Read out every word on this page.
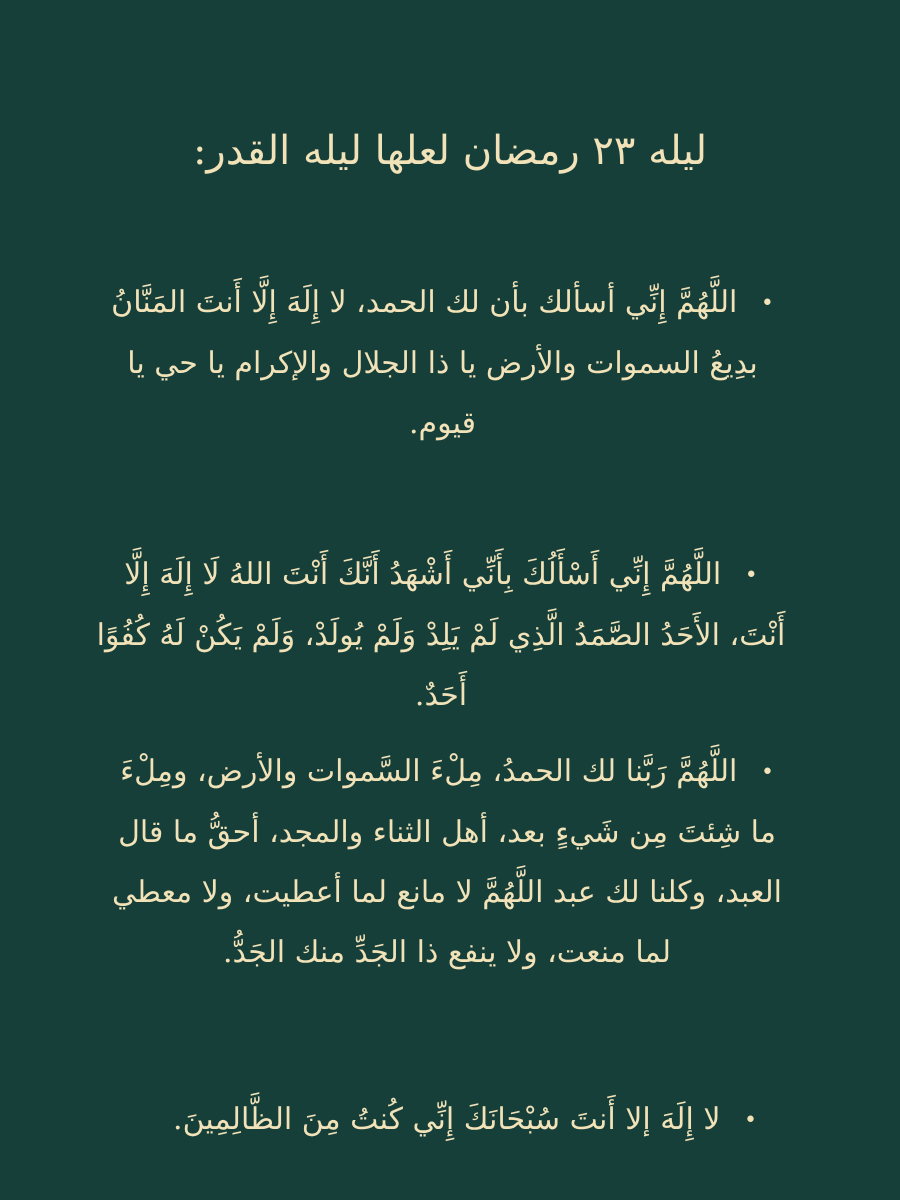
ليله ٢٣ رمضان لعلها ليله القدر:
• اللَّهُمَّ إِنِّي أسألك بأن لك الحمد، لا إِلَهَ إِلَّا أَنتَ المَنَّانُ بدِيعُ السموات والأرض يا ذا الجلال والإكرام يا حي يا قيوم.
• اللَّهُمَّ إِنِّي أَسْأَلُكَ بِأَنِّي أَشْهَدُ أَنَّكَ أَنْتَ اللهُ لَا إِلَهَ إِلَّا أَنْتَ، الأَحَدُ الصَّمَدُ الَّذِي لَمْ يَلِدْ وَلَمْ يُولَدْ، وَلَمْ يَكُنْ لَهُ كُفُوًا أَحَدٌ.
• اللَّهُمَّ رَبَّنا لك الحمدُ، مِلْءَ السَّموات والأرض، ومِلْءَ ما شِئتَ مِن شَيءٍ بعد، أهل الثناء والمجد، أحقُّ ما قال العبد، وكلنا لك عبد اللَّهُمَّ لا مانع لما أعطيت، ولا معطي لما منعت، ولا ينفع ذا الجَدِّ منك الجَدُّ.
• لا إِلَهَ إلا أَنتَ سُبْحَانَكَ إِنِّي كُنتُ مِنَ الظَّالِمِينَ.
